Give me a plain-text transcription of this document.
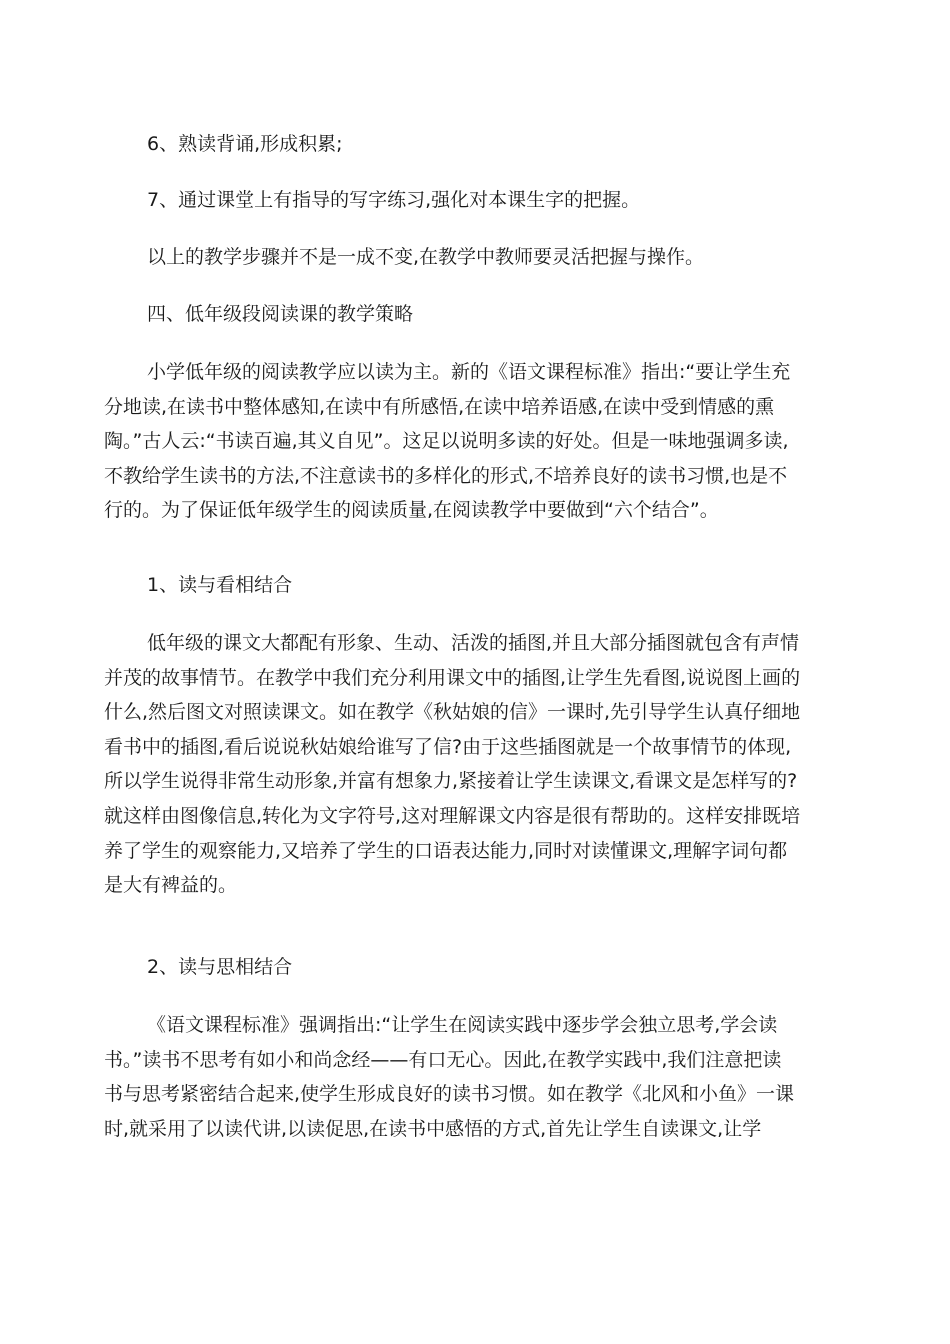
6、熟读背诵,形成积累;
7、通过课堂上有指导的写字练习,强化对本课生字的把握。
以上的教学步骤并不是一成不变,在教学中教师要灵活把握与操作。
四、低年级段阅读课的教学策略
小学低年级的阅读教学应以读为主。新的《语文课程标准》指出:“要让学生充
分地读,在读书中整体感知,在读中有所感悟,在读中培养语感,在读中受到情感的熏
陶。”古人云:“书读百遍,其义自见”。这足以说明多读的好处。但是一味地强调多读,
不教给学生读书的方法,不注意读书的多样化的形式,不培养良好的读书习惯,也是不
行的。为了保证低年级学生的阅读质量,在阅读教学中要做到“六个结合”。
1、读与看相结合
低年级的课文大都配有形象、生动、活泼的插图,并且大部分插图就包含有声情
并茂的故事情节。在教学中我们充分利用课文中的插图,让学生先看图,说说图上画的
什么,然后图文对照读课文。如在教学《秋姑娘的信》一课时,先引导学生认真仔细地
看书中的插图,看后说说秋姑娘给谁写了信?由于这些插图就是一个故事情节的体现,
所以学生说得非常生动形象,并富有想象力,紧接着让学生读课文,看课文是怎样写的?
就这样由图像信息,转化为文字符号,这对理解课文内容是很有帮助的。这样安排既培
养了学生的观察能力,又培养了学生的口语表达能力,同时对读懂课文,理解字词句都
是大有裨益的。
2、读与思相结合
《语文课程标准》强调指出:“让学生在阅读实践中逐步学会独立思考,学会读
书。”读书不思考有如小和尚念经——有口无心。因此,在教学实践中,我们注意把读
书与思考紧密结合起来,使学生形成良好的读书习惯。如在教学《北风和小鱼》一课
时,就采用了以读代讲,以读促思,在读书中感悟的方式,首先让学生自读课文,让学
